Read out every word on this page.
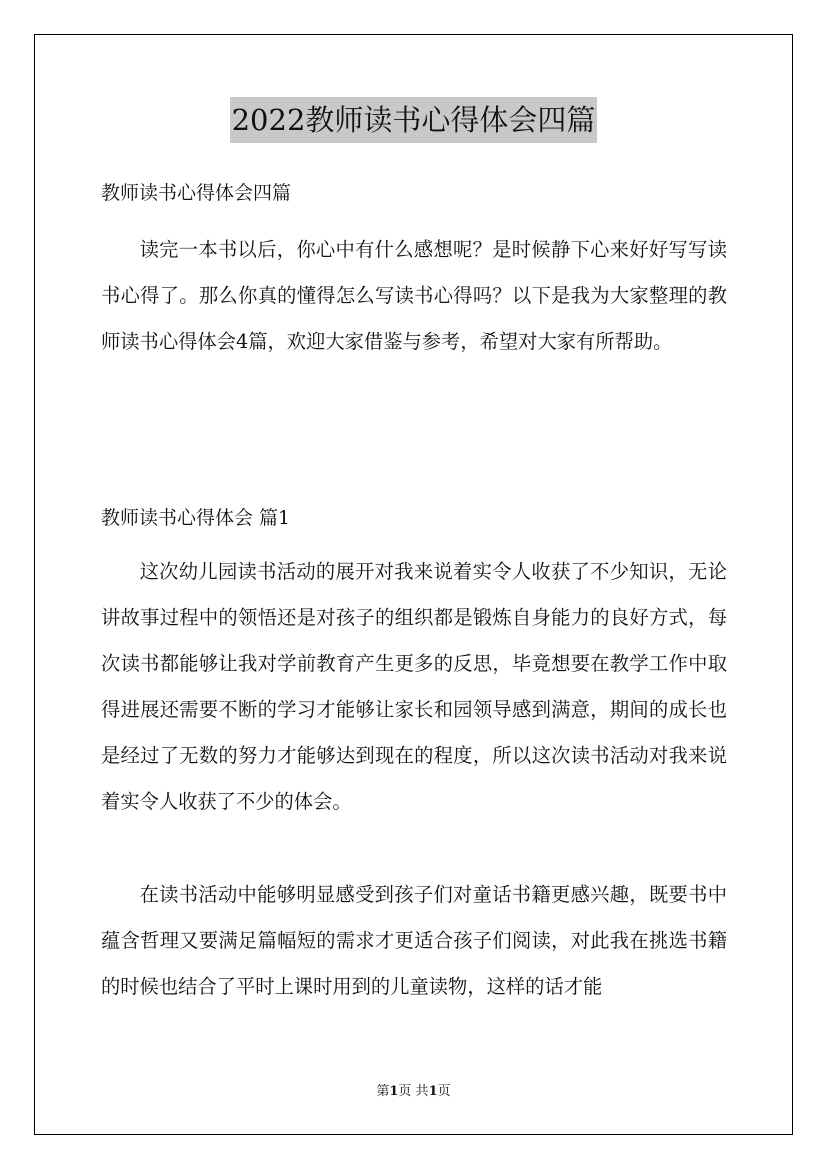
2022教师读书心得体会四篇
教师读书心得体会四篇

读完一本书以后，你心中有什么感想呢？是时候静下心来好好写写读书心得了。那么你真的懂得怎么写读书心得吗？以下是我为大家整理的教师读书心得体会4篇，欢迎大家借鉴与参考，希望对大家有所帮助。

教师读书心得体会 篇1

这次幼儿园读书活动的展开对我来说着实令人收获了不少知识，无论讲故事过程中的领悟还是对孩子的组织都是锻炼自身能力的良好方式，每次读书都能够让我对学前教育产生更多的反思，毕竟想要在教学工作中取得进展还需要不断的学习才能够让家长和园领导感到满意，期间的成长也是经过了无数的努力才能够达到现在的程度，所以这次读书活动对我来说着实令人收获了不少的体会。

在读书活动中能够明显感受到孩子们对童话书籍更感兴趣，既要书中蕴含哲理又要满足篇幅短的需求才更适合孩子们阅读，对此我在挑选书籍的时候也结合了平时上课时用到的儿童读物，这样的话才能

第1页 共1页
